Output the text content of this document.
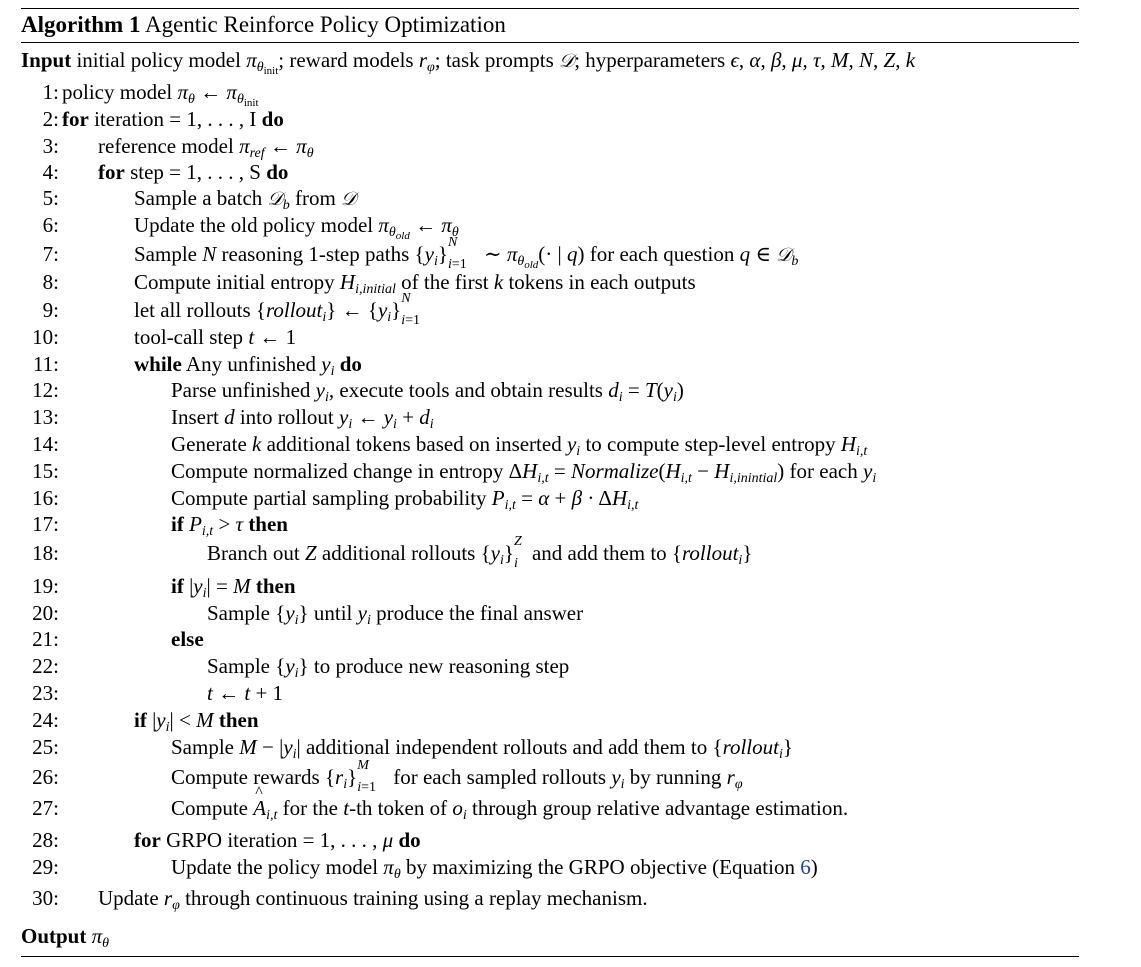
Algorithm 1 Agentic Reinforce Policy Optimization
Input initial policy model $\pi_{\theta_{init}}$; reward models $r_\varphi$; task prompts 𝒟; hyperparameters ϵ, α, β, μ, τ, M, N, Z, k
1: policy model $\pi_\theta$ ← $\pi_{\theta_{init}}$
2: for iteration = 1, . . . , I do
3: reference model $\pi_{ref}$ ← $\pi_\theta$
4: for step = 1, . . . , S do
5:	Sample a batch 𝒟$_b$ from 𝒟
6:	Update the old policy model $\pi_{\theta_{old}}$ ← $\pi_\theta$
7:	Sample N reasoning 1-step paths $\{y_i\}$ N
i=1 ∼ $\pi_{\theta_{old}}(\cdot$ | q) for each question q ∈ 𝒟$_b$
8:	Compute initial entropy $H_{i,initial}$ of the first k tokens in each outputs
9:	let all rollouts {rollout$_i$} ← $\{y_i\}$ N
i=1
10:	tool-call step t ← 1
11:	while Any unfinished $y_i$ do
12:	Parse unfinished $y_i$, execute tools and obtain results $d_i = T(y_i)$
13:	Insert d into rollout $y_i$ ← $y_i + d_i$
14:	Generate k additional tokens based on inserted $y_i$ to compute step-level entropy $H_{i,t}$
15:	Compute normalized change in entropy $\Delta H_{i,t}$ = $Normalize(H_{i,t} - H_{i,inintial})$ for each $y_i$
16:	Compute partial sampling probability $P_{i,t} = \alpha + \beta \cdot \Delta H_{i,t}$
17:	if $P_{i,t} > \tau$ then
18:	Branch out Z additional rollouts $\{y_i\}$ Z
i and add them to {rollout$_i$}
19:	if $|y_i| = M$ then
20:	Sample $\{y_i\}$ until $y_i$ produce the final answer
21:	else
22:	Sample $\{y_i\}$ to produce new reasoning step
23:	t ← t + 1
24:	if $|y_i| < M$ then
25:	Sample $M - |y_i|$ additional independent rollouts and add them to {rollout$_i$}
26:	Compute rewards $\{r_i\}$ M
i=1 for each sampled rollouts $y_i$ by running $r_\varphi$
27:	Compute ^ $A_{i,t}$ for the t-th token of $o_i$ through group relative advantage estimation.
28:	for GRPO iteration = 1, . . . , μ do
29:	Update the policy model $\pi_\theta$ by maximizing the GRPO objective (Equation 6)
30: Update $r_\varphi$ through continuous training using a replay mechanism.
Output $\pi_\theta$
